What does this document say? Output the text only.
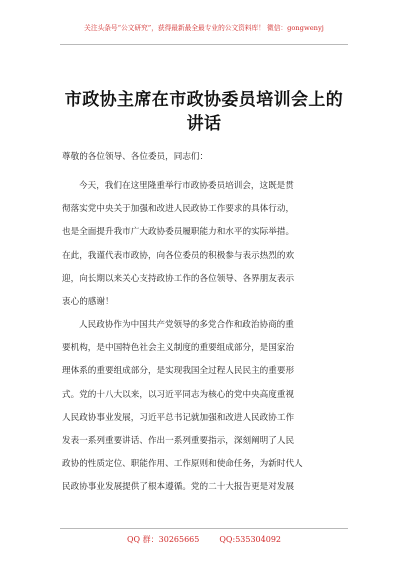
关注头条号“公文研究”，获得最新最全最专业的公文资料库！ 微信：gongwenyj
市政协主席在市政协委员培训会上的
讲话
尊敬的各位领导、各位委员，同志们：
今天，我们在这里隆重举行市政协委员培训会，这既是贯
彻落实党中央关于加强和改进人民政协工作要求的具体行动，
也是全面提升我市广大政协委员履职能力和水平的实际举措。
在此，我谨代表市政协，向各位委员的积极参与表示热烈的欢
迎，向长期以来关心支持政协工作的各位领导、各界朋友表示
衷心的感谢！
人民政协作为中国共产党领导的多党合作和政治协商的重
要机构，是中国特色社会主义制度的重要组成部分，是国家治
理体系的重要组成部分，是实现我国全过程人民民主的重要形
式。党的十八大以来，以习近平同志为核心的党中央高度重视
人民政协事业发展，习近平总书记就加强和改进人民政协工作
发表一系列重要讲话、作出一系列重要指示，深刻阐明了人民
政协的性质定位、职能作用、工作原则和使命任务，为新时代人
民政协事业发展提供了根本遵循。党的二十大报告更是对发展
QQ 群：30265665	QQ:535304092
